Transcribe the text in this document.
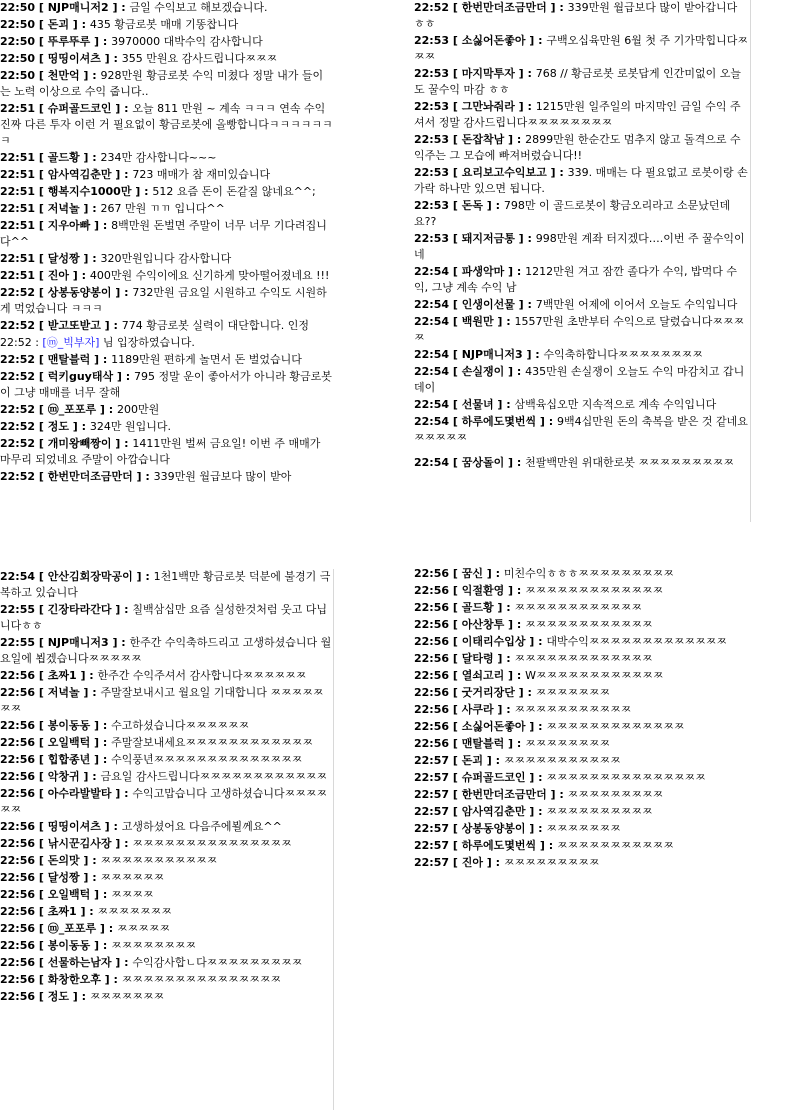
22:50 [ NJP매니저2 ] : 금일 수익보고 해보겠습니다.
22:50 [ 돈괴 ] : 435 황금로봇 매매 기똥찹니다
22:50 [ 뚜루뚜루 ] : 3970000 대박수익 감사합니다
22:50 [ 띵띵이셔츠 ] : 355 만원요 감사드립니다ㅉㅉㅉ
22:50 [ 천만억 ] : 928만원 황금로봇 수익 미쳤다 정말 내가 들이는 노력 이상으로 수익 줍니다..
22:51 [ 슈퍼골드코인 ] : 오늘 811 만원 ~ 계속 ㅋㅋㅋ 연속 수익 진짜 다른 투자 이런 거 필요없이 황금로봇에 올빵합니다ㅋㅋㅋㅋㅋㅋㅋ
22:51 [ 골드황 ] : 234만 감사합니다~~~
22:51 [ 암사역김춘만 ] : 723 매매가 참 재미있습니다
22:51 [ 행복지수1000만 ] : 512 요즘 돈이 돈같질 않네요^^;
22:51 [ 저녁놀 ] : 267 만원 ㄲㄲ 입니다^^
22:51 [ 지우아빠 ] : 8백만원 돈벌면 주말이 너무 너무 기다려집니다^^
22:51 [ 달성짱 ] : 320만원입니다 감사합니다
22:51 [ 진아 ] : 400만원 수익이에요 신기하게 맞아떨어졌네요 !!!
22:52 [ 상봉동양봉이 ] : 732만원 금요일 시원하고 수익도 시원하게 먹었습니다 ㅋㅋㅋ
22:52 [ 받고또받고 ] : 774 황금로봇 실력이 대단합니다. 인정
22:52 : [ⓜ_빅부자] 님 입장하였습니다.
22:52 [ 맨탈블럭 ] : 1189만원 편하게 놀면서 돈 벌었습니다
22:52 [ 럭키guy태삭 ] : 795 정말 운이 좋아서가 아니라 황금로봇이 그냥 매매를 너무 잘해
22:52 [ ⓜ_포포루 ] : 200만원
22:52 [ 정도 ] : 324만 원입니다.
22:52 [ 개미왕빼짱이 ] : 1411만원 벌써 금요일! 이번 주 매매가 마무리 되었네요 주말이 아깝습니다
22:52 [ 한번만더조금만더 ] : 339만원 월급보다 많이 받아
22:52 [ 한번만더조금만더 ] : 339만원 월급보다 많이 받아갑니다 ㅎㅎ
22:53 [ 소싫어돈좋아 ] : 구백오십육만원 6월 첫 주 기가막힙니다ㅉㅉㅉ
22:53 [ 마지막투자 ] : 768 // 황금로봇 로봇답게 인간미없이 오늘도 꿀수익 마감 ㅎㅎ
22:53 [ 그만놔줘라 ] : 1215만원 일주일의 마지막인 금일 수익 주셔서 정말 감사드립니다ㅉㅉㅉㅉㅉㅉㅉㅉ
22:53 [ 돈잡착남 ] : 2899만원 한순간도 멈추지 않고 돌격으로 수익주는 그 모습에 빠져버렸습니다!!
22:53 [ 요리보고수익보고 ] : 339. 매매는 다 필요없고 로봇이랑 손가락 하나만 있으면 됩니다.
22:53 [ 돈독 ] : 798만 이 골드로봇이 황금오리라고 소문났던데요??
22:53 [ 돼지저금통 ] : 998만원 계좌 터지겠다….이번 주 꿀수익이네
22:54 [ 파생악마 ] : 1212만원 겨고 잠깐 졸다가 수익, 밥먹다 수익, 그냥 계속 수익 남
22:54 [ 인생이선물 ] : 7백만원 어제에 이어서 오늘도 수익입니다
22:54 [ 백원만 ] : 1557만원 초반부터 수익으로 달렸습니다ㅉㅉㅉㅉ
22:54 [ NJP매니저3 ] : 수익축하합니다ㅉㅉㅉㅉㅉㅉㅉㅉ
22:54 [ 손실쟁이 ] : 435만원 손실쟁이 오늘도 수익 마감치고 갑니데이
22:54 [ 선물녀 ] : 삼백육십오만 지속적으로 계속 수익입니다
22:54 [ 하루에도몇번씩 ] : 9백4십만원 돈의 축복을 받은 것 같네요ㅉㅉㅉㅉㅉ
22:54 [ 꿈상돌이 ] : 천팔백만원 위대한로봇 ㅉㅉㅉㅉㅉㅉㅉㅉㅉ
22:54 [ 안산김회장막공이 ] : 1천1백만 황금로봇 덕분에 불경기 극복하고 있습니다
22:55 [ 긴장타라간다 ] : 칠백삼십만 요즘 실성한것처럼 웃고 다닙니다ㅎㅎ
22:55 [ NJP매니저3 ] : 한주간 수익축하드리고 고생하셨습니다 월요일에 뵙겠습니다ㅉㅉㅉㅉㅉ
22:56 [ 초짜1 ] : 한주간 수익주셔서 감사합니다ㅉㅉㅉㅉㅉㅉ
22:56 [ 저녁놀 ] : 주말잘보내시고 월요일 기대합니다 ㅉㅉㅉㅉㅉㅉㅉ
22:56 [ 봉이동동 ] : 수고하셨습니다ㅉㅉㅉㅉㅉㅉ
22:56 [ 오일백턱 ] : 주말잘보내세요ㅉㅉㅉㅉㅉㅉㅉㅉㅉㅉㅉㅉ
22:56 [ 힙합종년 ] : 수익풍년ㅉㅉㅉㅉㅉㅉㅉㅉㅉㅉㅉㅉㅉㅉ
22:56 [ 악창귀 ] : 금요일 감사드립니다ㅉㅉㅉㅉㅉㅉㅉㅉㅉㅉㅉㅉ
22:56 [ 아수라발발타 ] : 수익고맙습니다 고생하셨습니다ㅉㅉㅉㅉㅉㅉ
22:56 [ 띵띵이셔츠 ] : 고생하셨어요 다음주에뵐께요^^
22:56 [ 낚시꾼김사장 ] : ㅉㅉㅉㅉㅉㅉㅉㅉㅉㅉㅉㅉㅉㅉㅉ
22:56 [ 돈의맛 ] : ㅉㅉㅉㅉㅉㅉㅉㅉㅉㅉㅉ
22:56 [ 달성짱 ] : ㅉㅉㅉㅉㅉㅉ
22:56 [ 오일백턱 ] : ㅉㅉㅉㅉ
22:56 [ 초짜1 ] : ㅉㅉㅉㅉㅉㅉㅉ
22:56 [ ⓜ_포포루 ] : ㅉㅉㅉㅉㅉ
22:56 [ 봉이동동 ] : ㅉㅉㅉㅉㅉㅉㅉㅉ
22:56 [ 선물하는남자 ] : 수익감사합ㄴ다ㅉㅉㅉㅉㅉㅉㅉㅉㅉ
22:56 [ 화창한오후 ] : ㅉㅉㅉㅉㅉㅉㅉㅉㅉㅉㅉㅉㅉㅉㅉ
22:56 [ 정도 ] : ㅉㅉㅉㅉㅉㅉㅉ
22:56 [ 꿈신 ] : 미친수익ㅎㅎㅎㅉㅉㅉㅉㅉㅉㅉㅉㅉ
22:56 [ 익절환영 ] : ㅉㅉㅉㅉㅉㅉㅉㅉㅉㅉㅉㅉㅉ
22:56 [ 골드황 ] : ㅉㅉㅉㅉㅉㅉㅉㅉㅉㅉㅉㅉ
22:56 [ 아산창투 ] : ㅉㅉㅉㅉㅉㅉㅉㅉㅉㅉㅉㅉ
22:56 [ 이태리수입상 ] : 대박수익ㅉㅉㅉㅉㅉㅉㅉㅉㅉㅉㅉㅉㅉ
22:56 [ 달타령 ] : ㅉㅉㅉㅉㅉㅉㅉㅉㅉㅉㅉㅉㅉ
22:56 [ 열쇠고리 ] : Wㅉㅉㅉㅉㅉㅉㅉㅉㅉㅉㅉㅉ
22:56 [ 굿거리장단 ] : ㅉㅉㅉㅉㅉㅉㅉ
22:56 [ 사쿠라 ] : ㅉㅉㅉㅉㅉㅉㅉㅉㅉㅉㅉ
22:56 [ 소싫어돈좋아 ] : ㅉㅉㅉㅉㅉㅉㅉㅉㅉㅉㅉㅉㅉ
22:56 [ 맨탈블럭 ] : ㅉㅉㅉㅉㅉㅉㅉㅉ
22:57 [ 돈괴 ] : ㅉㅉㅉㅉㅉㅉㅉㅉㅉㅉㅉ
22:57 [ 슈퍼골드코인 ] : ㅉㅉㅉㅉㅉㅉㅉㅉㅉㅉㅉㅉㅉㅉㅉ
22:57 [ 한번만더조금만더 ] : ㅉㅉㅉㅉㅉㅉㅉㅉㅉ
22:57 [ 암사역김춘만 ] : ㅉㅉㅉㅉㅉㅉㅉㅉㅉㅉ
22:57 [ 상봉동양봉이 ] : ㅉㅉㅉㅉㅉㅉㅉ
22:57 [ 하루에도몇번씩 ] : ㅉㅉㅉㅉㅉㅉㅉㅉㅉㅉㅉ
22:57 [ 진아 ] : ㅉㅉㅉㅉㅉㅉㅉㅉㅉ
